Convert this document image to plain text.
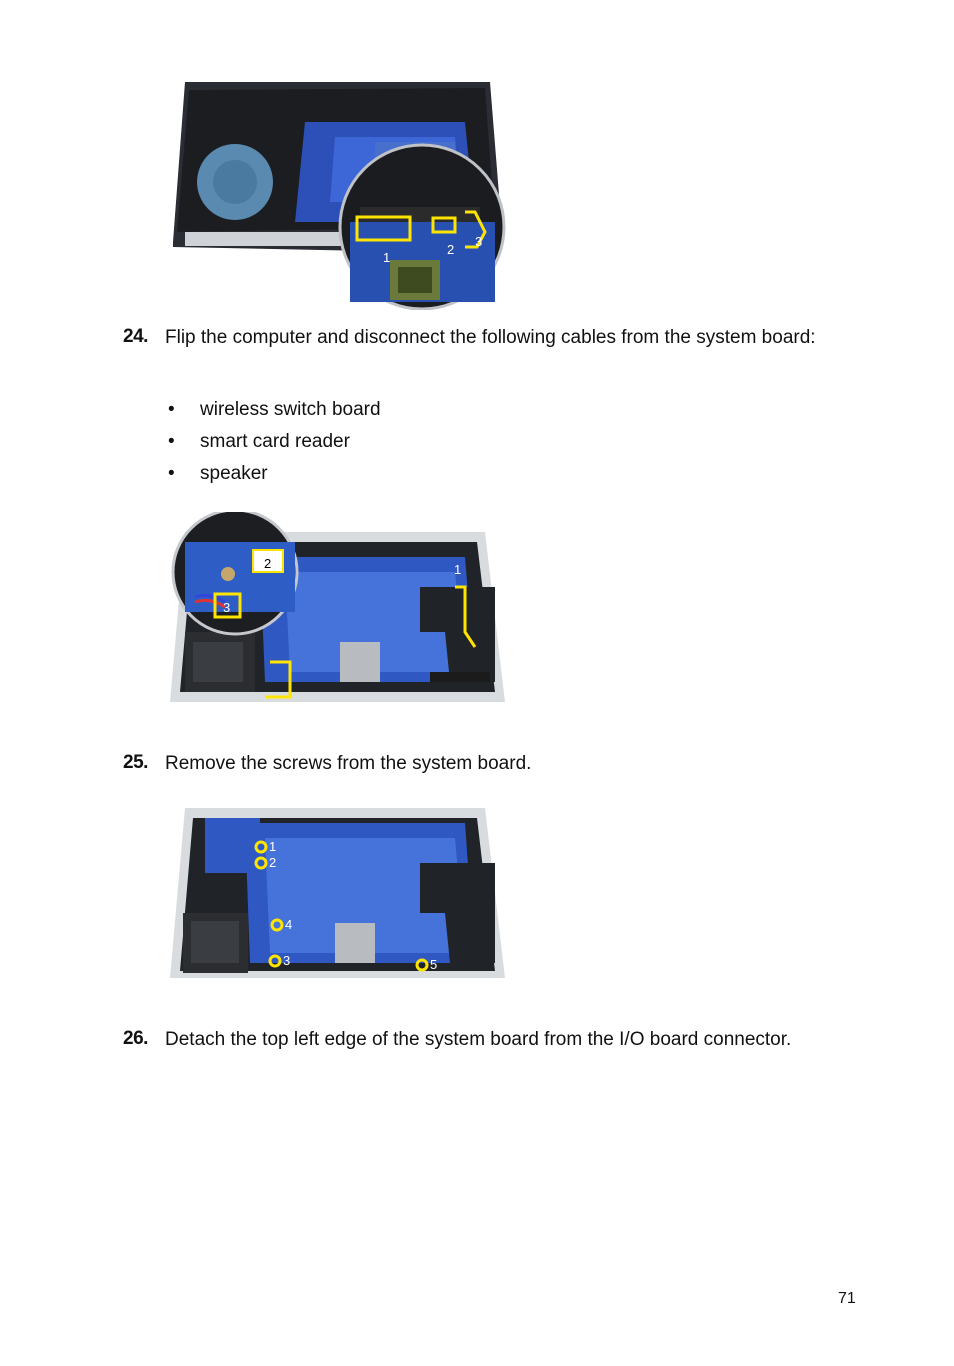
1
2
3
24. Flip the computer and disconnect the following cables from the system board:
• wireless switch board
• smart card reader
• speaker
2	1
3
25. Remove the screws from the system board.
1
2
3
4
5
26. Detach the top left edge of the system board from the I/O board connector.
71
